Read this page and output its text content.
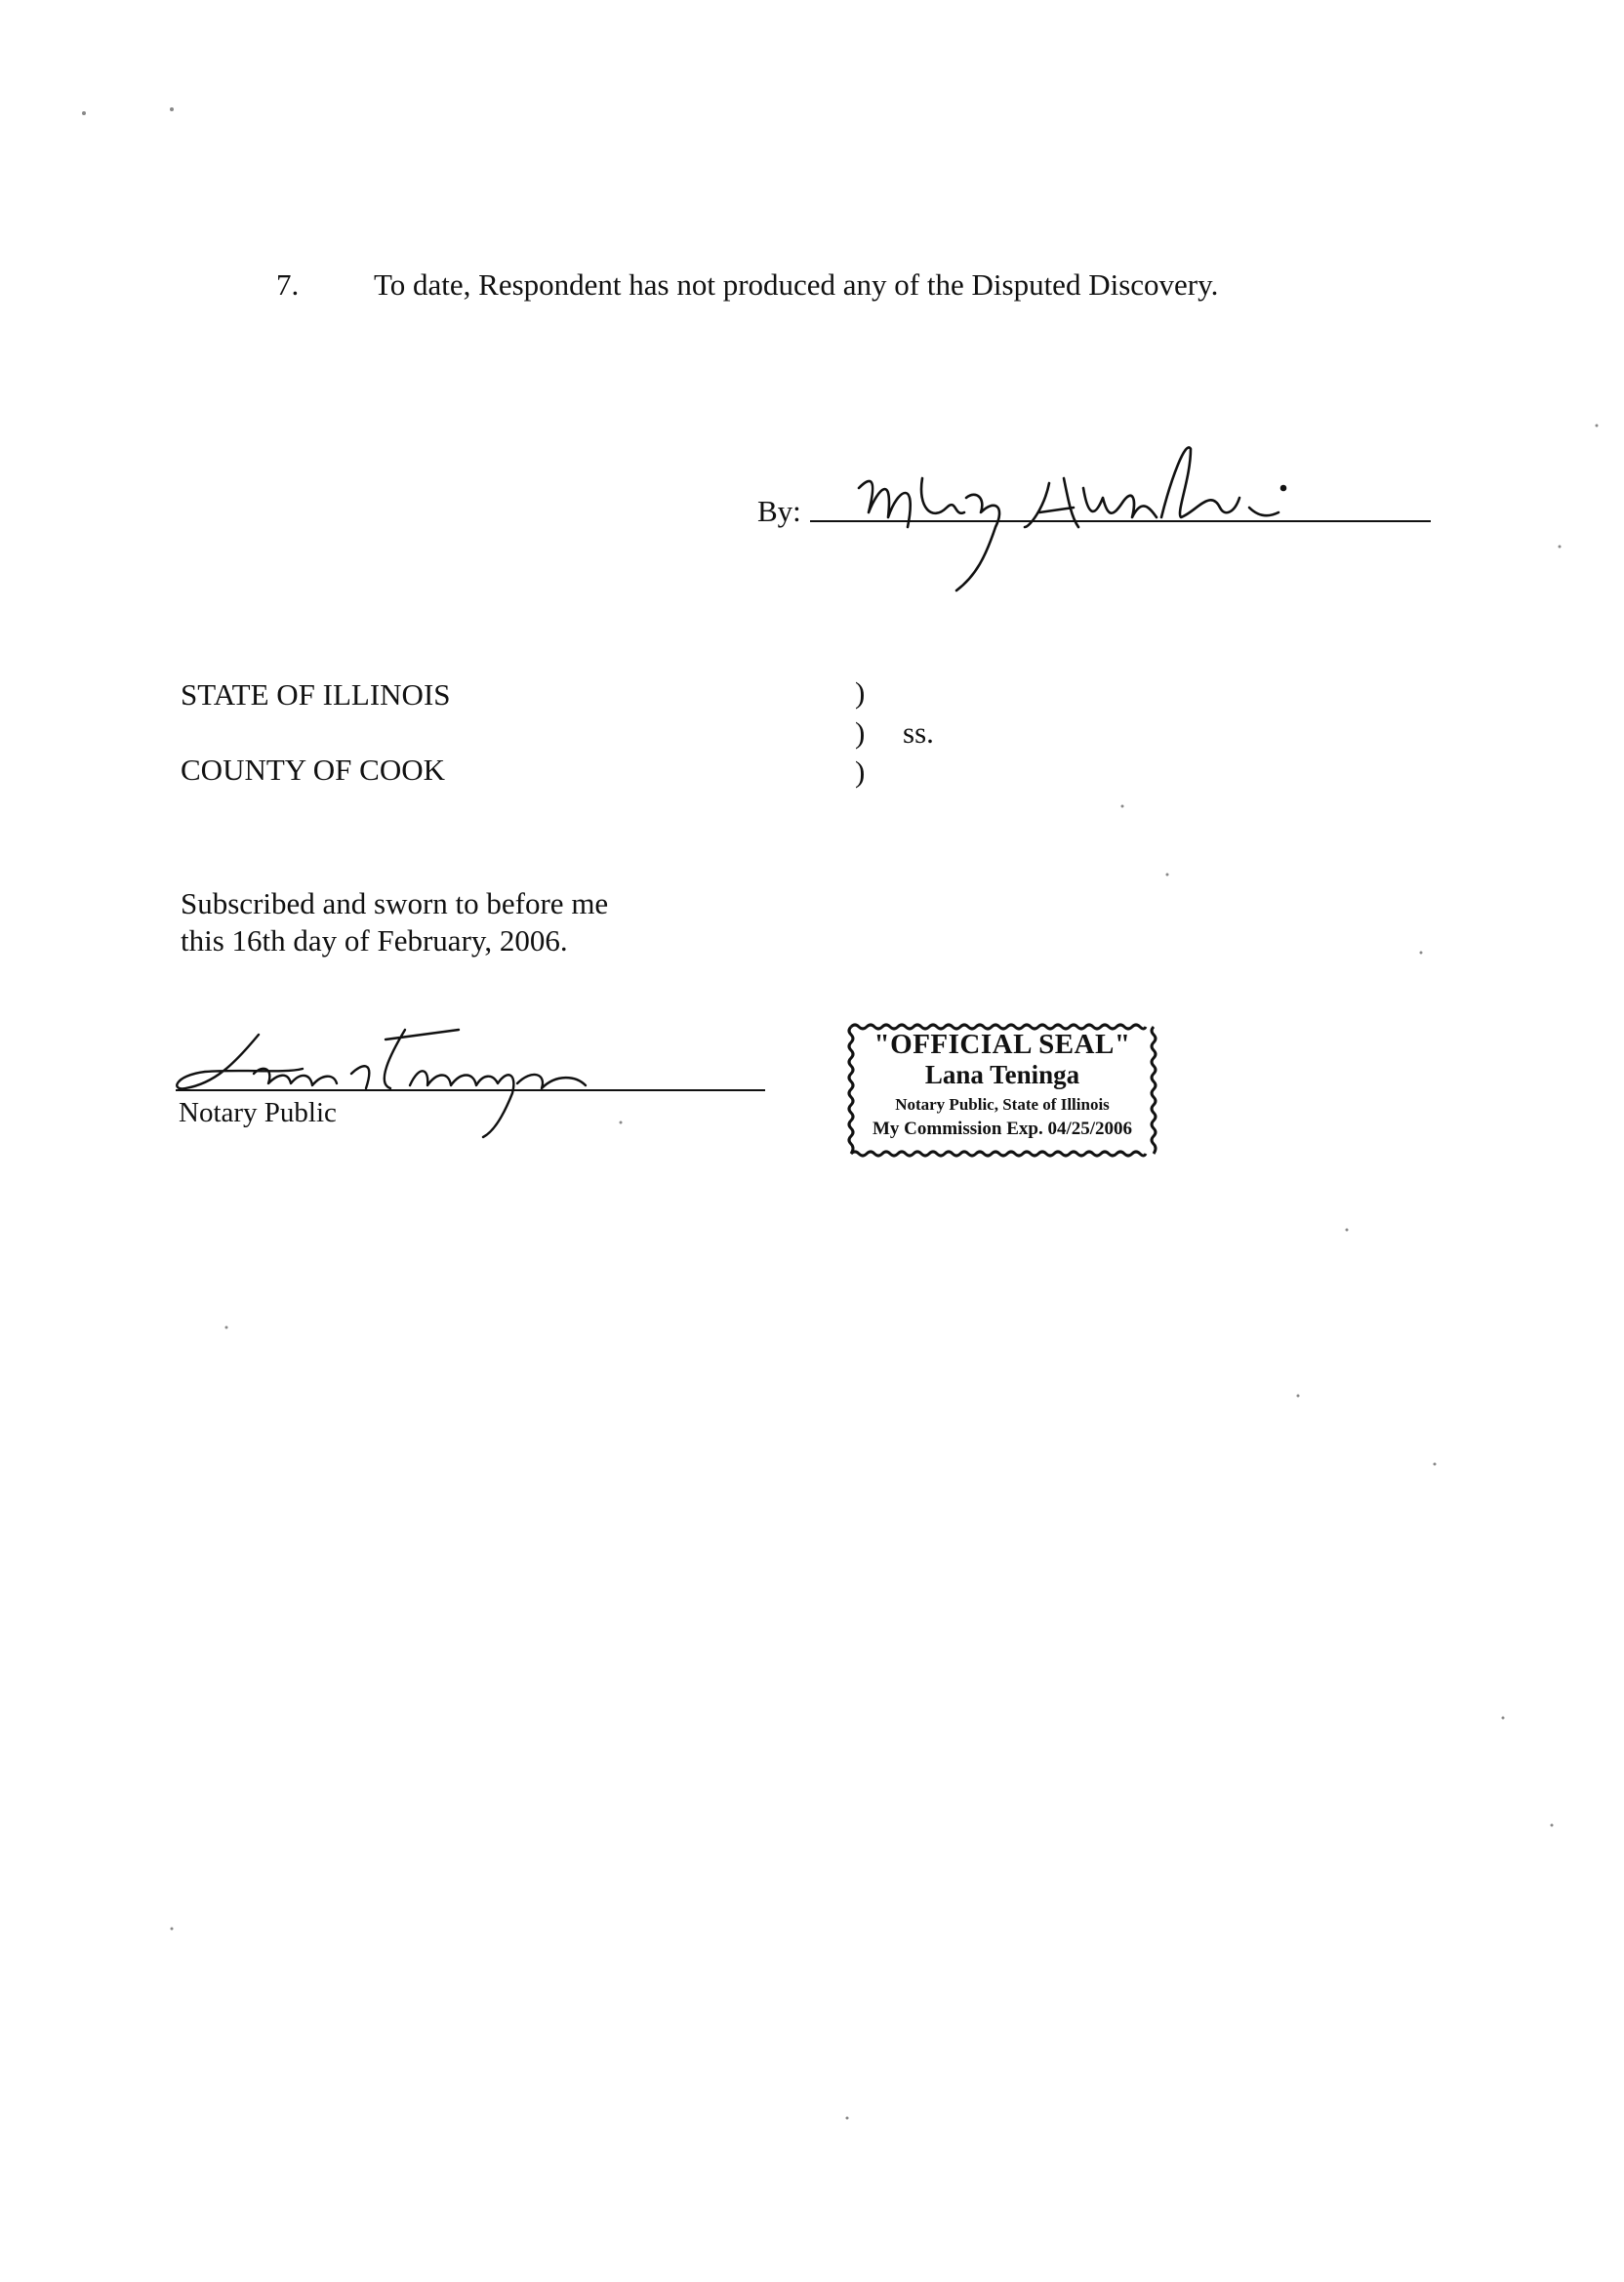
7. To date, Respondent has not produced any of the Disputed Discovery.
By:
STATE OF ILLINOIS
COUNTY OF COOK
)
)
)
ss.
Subscribed and sworn to before me
this 16th day of February, 2006.
Notary Public
"OFFICIAL SEAL"
Lana Teninga
Notary Public, State of Illinois
My Commission Exp. 04/25/2006
